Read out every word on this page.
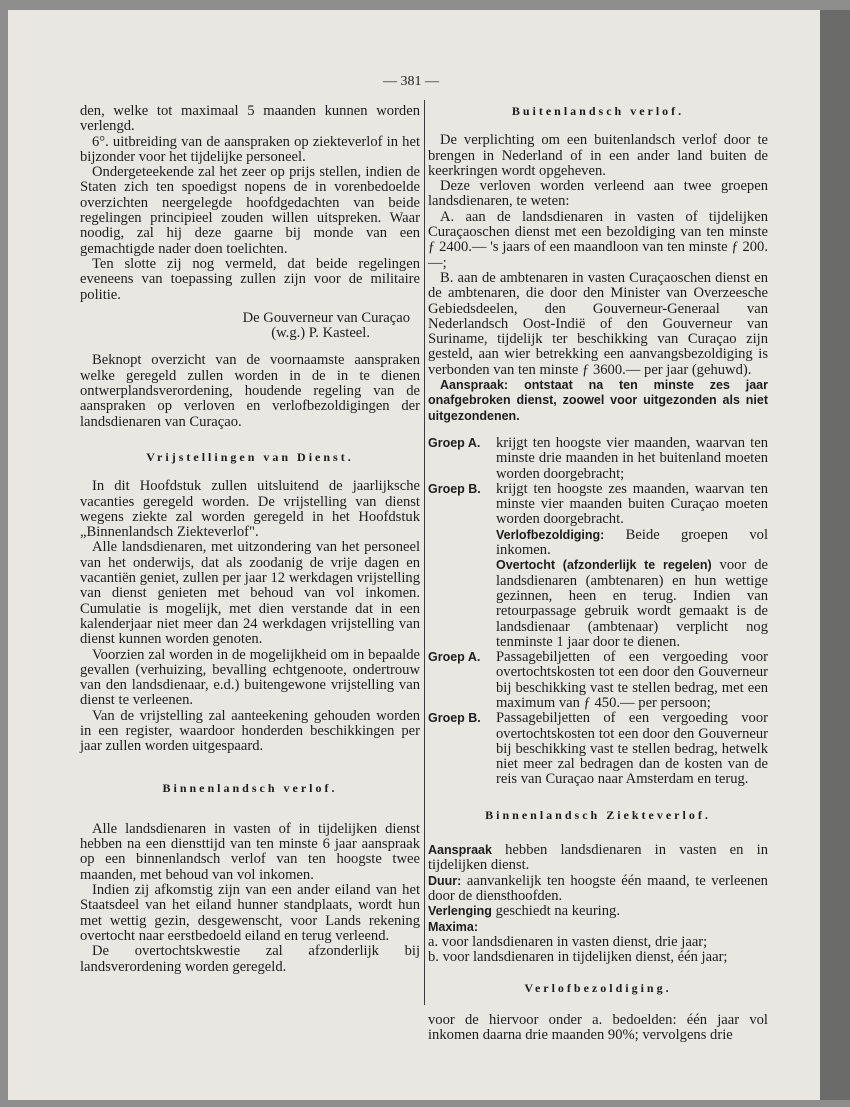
— 381 —

den, welke tot maximaal 5 maanden kunnen worden verlengd.

6°. uitbreiding van de aanspraken op ziekteverlof in het bijzonder voor het tijdelijke personeel.

Ondergeteekende zal het zeer op prijs stellen, indien de Staten zich ten spoedigst nopens de in vorenbedoelde overzichten neergelegde hoofdgedachten van beide regelingen principieel zouden willen uitspreken. Waar noodig, zal hij deze gaarne bij monde van een gemachtigde nader doen toelichten.

Ten slotte zij nog vermeld, dat beide regelingen eveneens van toepassing zullen zijn voor de militaire politie.

De Gouverneur van Curaçao

(w.g.) P. Kasteel.

Beknopt overzicht van de voornaamste aanspraken welke geregeld zullen worden in de in te dienen ontwerplandsverordening, houdende regeling van de aanspraken op verloven en verlofbezoldigingen der landsdienaren van Curaçao.

Vrijstellingen van Dienst.

In dit Hoofdstuk zullen uitsluitend de jaarlijksche vacanties geregeld worden. De vrijstelling van dienst wegens ziekte zal worden geregeld in het Hoofdstuk „Binnenlandsch Ziekteverlof".

Alle landsdienaren, met uitzondering van het personeel van het onderwijs, dat als zoodanig de vrije dagen en vacantiën geniet, zullen per jaar 12 werkdagen vrijstelling van dienst genieten met behoud van vol inkomen. Cumulatie is mogelijk, met dien verstande dat in een kalenderjaar niet meer dan 24 werkdagen vrijstelling van dienst kunnen worden genoten.

Voorzien zal worden in de mogelijkheid om in bepaalde gevallen (verhuizing, bevalling echtgenoote, ondertrouw van den landsdienaar, e.d.) buitengewone vrijstelling van dienst te verleenen.

Van de vrijstelling zal aanteekening gehouden worden in een register, waardoor honderden beschikkingen per jaar zullen worden uitgespaard.

Binnenlandsch verlof.

Alle landsdienaren in vasten of in tijdelijken dienst hebben na een diensttijd van ten minste 6 jaar aanspraak op een binnenlandsch verlof van ten hoogste twee maanden, met behoud van vol inkomen.

Indien zij afkomstig zijn van een ander eiland van het Staatsdeel van het eiland hunner standplaats, wordt hun met wettig gezin, desgewenscht, voor Lands rekening overtocht naar eerstbedoeld eiland en terug verleend.

De overtochtskwestie zal afzonderlijk bij landsverordening worden geregeld.

Buitenlandsch verlof.

De verplichting om een buitenlandsch verlof door te brengen in Nederland of in een ander land buiten de keerkringen wordt opgeheven.

Deze verloven worden verleend aan twee groepen landsdienaren, te weten:

A. aan de landsdienaren in vasten of tijdelijken Curaçaoschen dienst met een bezoldiging van ten minste ƒ 2400.— 's jaars of een maandloon van ten minste ƒ 200.—;

B. aan de ambtenaren in vasten Curaçaoschen dienst en de ambtenaren, die door den Minister van Overzeesche Gebiedsdeelen, den Gouverneur-Generaal van Nederlandsch Oost-Indië of den Gouverneur van Suriname, tijdelijk ter beschikking van Curaçao zijn gesteld, aan wier betrekking een aanvangsbezoldiging is verbonden van ten minste ƒ 3600.— per jaar (gehuwd).

Aanspraak: ontstaat na ten minste zes jaar onafgebroken dienst, zoowel voor uitgezonden als niet uitgezondenen.

Groep A.	krijgt ten hoogste vier maanden, waarvan ten minste drie maanden in het buitenland moeten worden doorgebracht;

Groep B.	krijgt ten hoogste zes maanden, waarvan ten minste vier maanden buiten Curaçao moeten worden doorgebracht.

Verlofbezoldiging: Beide groepen vol inkomen.

Overtocht (afzonderlijk te regelen) voor de landsdienaren (ambtenaren) en hun wettige gezinnen, heen en terug. Indien van retourpassage gebruik wordt gemaakt is de landsdienaar (ambtenaar) verplicht nog tenminste 1 jaar door te dienen.

Groep A.	Passagebiljetten of een vergoeding voor overtochtskosten tot een door den Gouverneur bij beschikking vast te stellen bedrag, met een maximum van ƒ 450.— per persoon;

Groep B.	Passagebiljetten of een vergoeding voor overtochtskosten tot een door den Gouverneur bij beschikking vast te stellen bedrag, hetwelk niet meer zal bedragen dan de kosten van de reis van Curaçao naar Amsterdam en terug.

Binnenlandsch Ziekteverlof.

Aanspraak hebben landsdienaren in vasten en in tijdelijken dienst.

Duur: aanvankelijk ten hoogste één maand, te verleenen door de diensthoofden.

Verlenging geschiedt na keuring.

Maxima:

a. voor landsdienaren in vasten dienst, drie jaar;

b. voor landsdienaren in tijdelijken dienst, één jaar;

Verlofbezoldiging.

voor de hiervoor onder a. bedoelden: één jaar vol inkomen daarna drie maanden 90%; vervolgens drie
